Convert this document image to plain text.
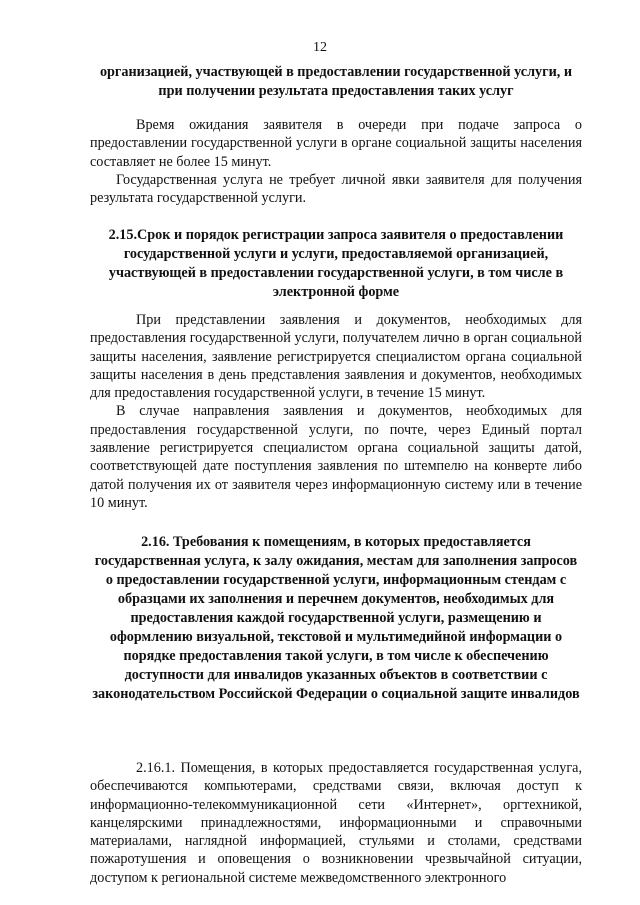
12
организацией, участвующей в предоставлении государственной услуги, и при получении результата предоставления таких услуг

Время ожидания заявителя в очереди при подаче запроса о предоставлении государственной услуги в органе социальной защиты населения составляет не более 15 минут.

Государственная услуга не требует личной явки заявителя для получения результата государственной услуги.

2.15.Срок и порядок регистрации запроса заявителя о предоставлении государственной услуги и услуги, предоставляемой организацией, участвующей в предоставлении государственной услуги, в том числе в электронной форме

При представлении заявления и документов, необходимых для предоставления государственной услуги, получателем лично в орган социальной защиты населения, заявление регистрируется специалистом органа социальной защиты населения в день представления заявления и документов, необходимых для предоставления государственной услуги, в течение 15 минут.

В случае направления заявления и документов, необходимых для предоставления государственной услуги, по почте, через Единый портал заявление регистрируется специалистом органа социальной защиты датой, соответствующей дате поступления заявления по штемпелю на конверте либо датой получения их от заявителя через информационную систему или в течение 10 минут.

2.16. Требования к помещениям, в которых предоставляется государственная услуга, к залу ожидания, местам для заполнения запросов о предоставлении государственной услуги, информационным стендам с образцами их заполнения и перечнем документов, необходимых для предоставления каждой государственной услуги, размещению и оформлению визуальной, текстовой и мультимедийной информации о порядке предоставления такой услуги, в том числе к обеспечению доступности для инвалидов указанных объектов в соответствии с законодательством Российской Федерации о социальной защите инвалидов

2.16.1. Помещения, в которых предоставляется государственная услуга, обеспечиваются компьютерами, средствами связи, включая доступ к информационно-телекоммуникационной сети «Интернет», оргтехникой, канцелярскими принадлежностями, информационными и справочными материалами, наглядной информацией, стульями и столами, средствами пожаротушения и оповещения о возникновении чрезвычайной ситуации, доступом к региональной системе межведомственного электронного
